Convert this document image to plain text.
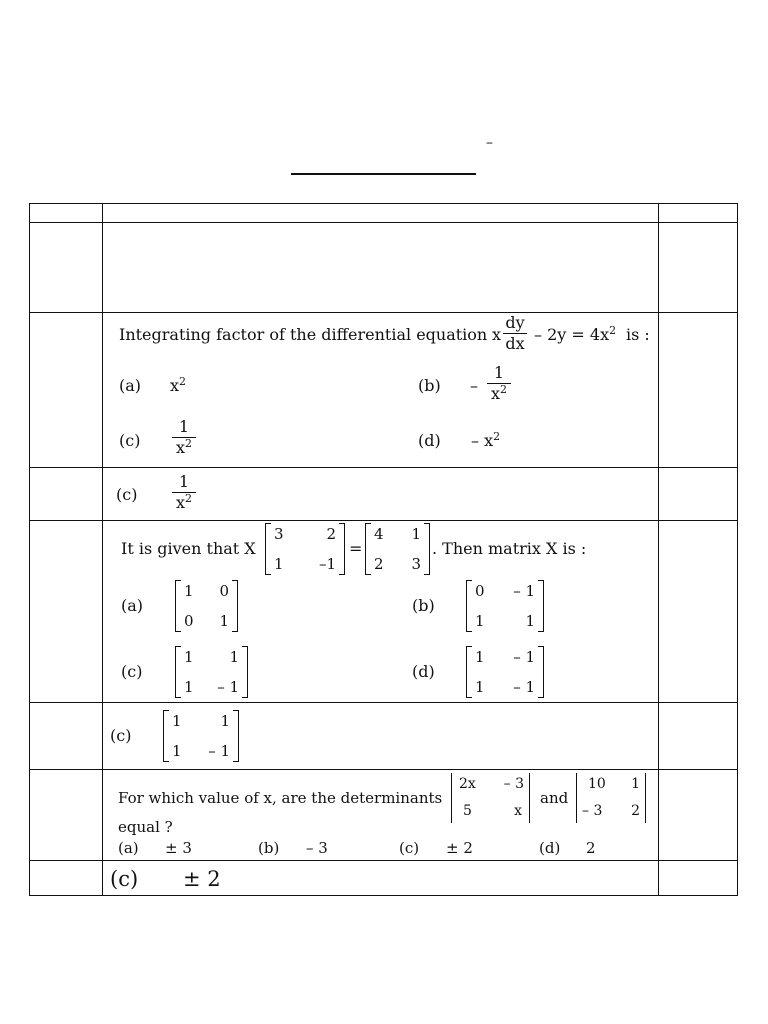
–
Integrating factor of the differential equation x
dy
dx – $2y = 4x^2$ is :
(a) $x^2$	(b) –
1
$x^2$
(c)
1
$x^2$	$(d) - x^2$
(c)
1
$x^2$
It is given that X
3	2
1 –1
=
4 1
2 3
. Then matrix X is :
(a)
1 0
0 1
(b)
0 – 1
1	1
(c)
1 1
1 – 1
(d)
1 – 1
1 – 1
(c)
1	1
1 – 1
For which value of x, are the determinants
2x – 3
5	x
and
10 1
– 3 2
equal ?
(a) ± 3	(b) – 3	(c) ± 2	(d) 2
(c) ± 2
